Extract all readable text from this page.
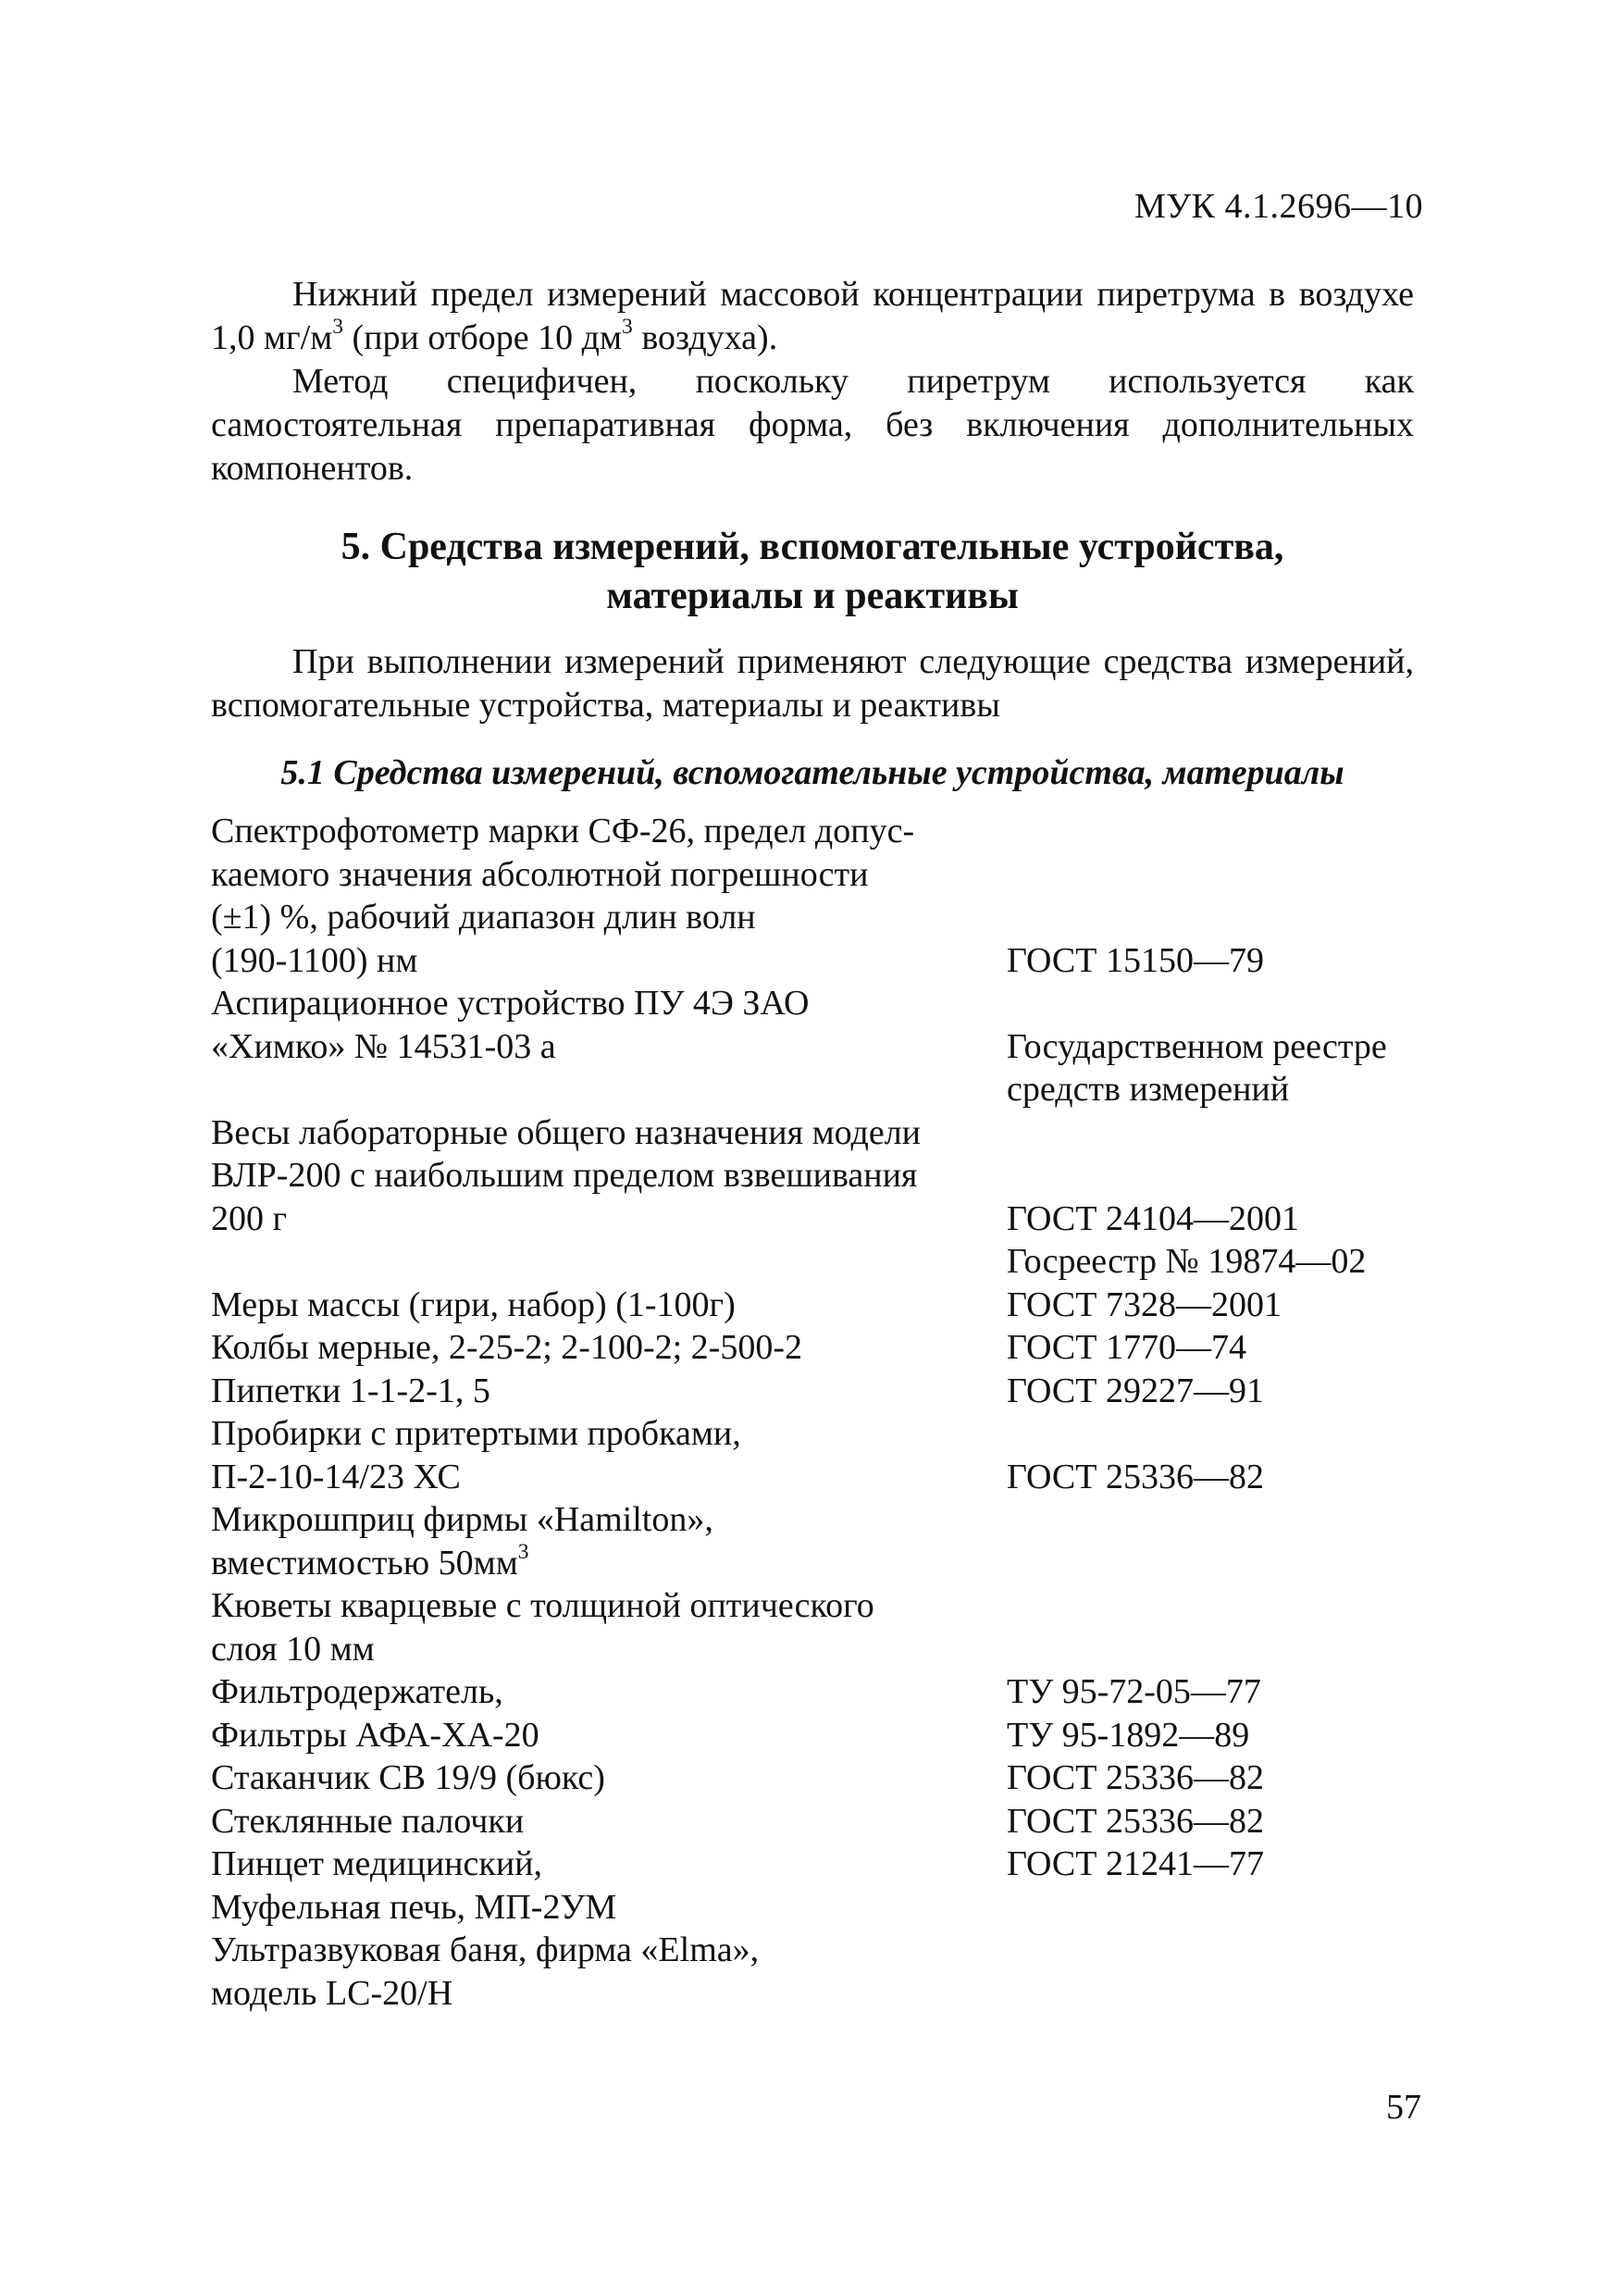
МУК 4.1.2696—10

Нижний предел измерений массовой концентрации пиретрума в воздухе 1,0 $мг/м^3$ (при отборе 10 $дм^3$ воздуха).

Метод специфичен, поскольку пиретрум используется как самостоятельная препаративная форма, без включения дополнительных компонентов.

5. Средства измерений, вспомогательные устройства,
материалы и реактивы

При выполнении измерений применяют следующие средства измерений, вспомогательные устройства, материалы и реактивы

5.1 Средства измерений, вспомогательные устройства, материалы
Спектрофотометр марки СФ-26, предел допус-
каемого значения абсолютной погрешности
(±1) %, рабочий диапазон длин волн
(190-1100) нм	ГОСТ 15150—79
Аспирационное устройство ПУ 4Э ЗАО
«Химко» № 14531-03 а	Государственном реестре
средств измерений
Весы лабораторные общего назначения модели
ВЛР-200 с наибольшим пределом взвешивания
200 г	ГОСТ 24104—2001
Госреестр № 19874—02
Меры массы (гири, набор) (1-100г)	ГОСТ 7328—2001
Колбы мерные, 2-25-2; 2-100-2; 2-500-2	ГОСТ 1770—74
Пипетки 1-1-2-1, 5	ГОСТ 29227—91
Пробирки с притертыми пробками,
П-2-10-14/23 ХС	ГОСТ 25336—82
Микрошприц фирмы «Hamilton»,
вместимостью $50мм^3$
Кюветы кварцевые с толщиной оптического
слоя 10 мм
Фильтродержатель,	ТУ 95-72-05—77
Фильтры АФА-ХА-20	ТУ 95-1892—89
Стаканчик СВ 19/9 (бюкс)	ГОСТ 25336—82
Стеклянные палочки	ГОСТ 25336—82
Пинцет медицинский,	ГОСТ 21241—77
Муфельная печь, МП-2УМ
Ультразвуковая баня, фирма «Elma»,
модель LC-20/H
57
